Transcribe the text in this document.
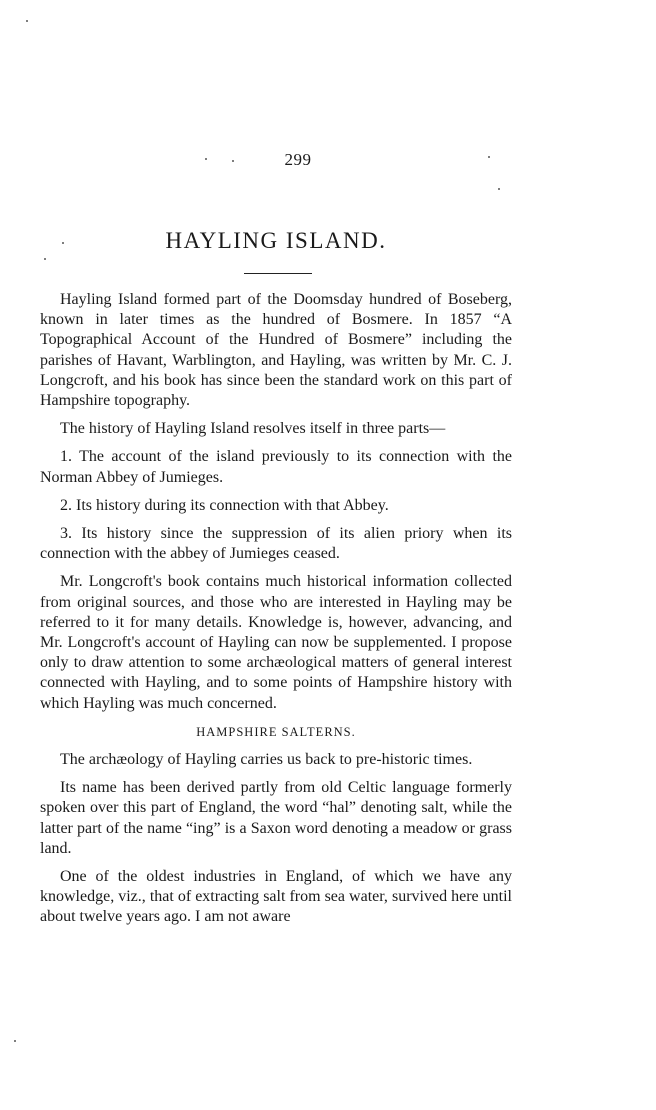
299
HAYLING ISLAND.

Hayling Island formed part of the Doomsday hundred of Boseberg, known in later times as the hundred of Bosmere. In 1857 “A Topographical Account of the Hundred of Bosmere” including the parishes of Havant, Warblington, and Hayling, was written by Mr. C. J. Longcroft, and his book has since been the standard work on this part of Hampshire topography.

The history of Hayling Island resolves itself in three parts—

1. The account of the island previously to its connection with the Norman Abbey of Jumieges.

2. Its history during its connection with that Abbey.

3. Its history since the suppression of its alien priory when its connection with the abbey of Jumieges ceased.

Mr. Longcroft's book contains much historical information collected from original sources, and those who are interested in Hayling may be referred to it for many details. Knowledge is, however, advancing, and Mr. Longcroft's account of Hayling can now be supplemented. I propose only to draw attention to some archæological matters of general interest connected with Hayling, and to some points of Hampshire history with which Hayling was much concerned.

HAMPSHIRE SALTERNS.

The archæology of Hayling carries us back to pre-historic times.

Its name has been derived partly from old Celtic language formerly spoken over this part of England, the word “hal” denoting salt, while the latter part of the name “ing” is a Saxon word denoting a meadow or grass land.

One of the oldest industries in England, of which we have any knowledge, viz., that of extracting salt from sea water, survived here until about twelve years ago. I am not aware
